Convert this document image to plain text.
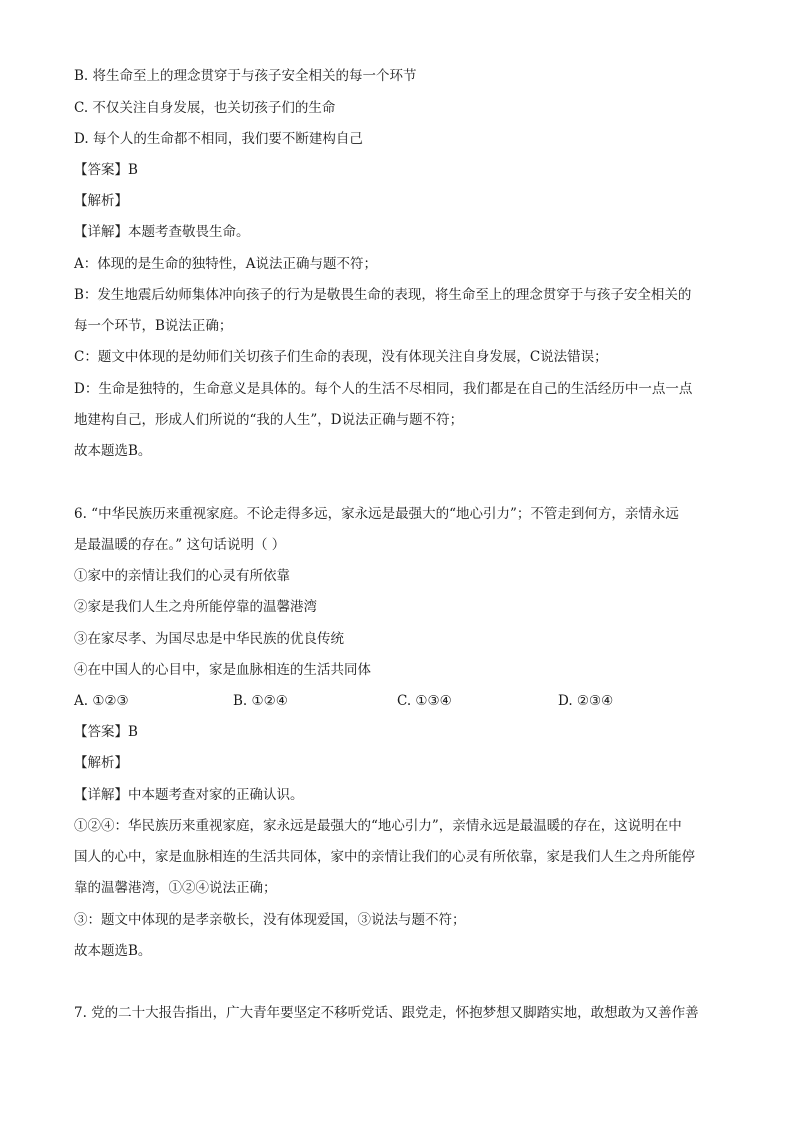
B. 将生命至上的理念贯穿于与孩子安全相关的每一个环节
C. 不仅关注自身发展，也关切孩子们的生命
D. 每个人的生命都不相同，我们要不断建构自己
【答案】B
【解析】
【详解】本题考查敬畏生命。
A：体现的是生命的独特性，A说法正确与题不符；
B：发生地震后幼师集体冲向孩子的行为是敬畏生命的表现，将生命至上的理念贯穿于与孩子安全相关的
每一个环节，B说法正确；
C：题文中体现的是幼师们关切孩子们生命的表现，没有体现关注自身发展，C说法错误；
D：生命是独特的，生命意义是具体的。每个人的生活不尽相同，我们都是在自己的生活经历中一点一点
地建构自己，形成人们所说的“我的人生”，D说法正确与题不符；
故本题选B。
6. “中华民族历来重视家庭。不论走得多远，家永远是最强大的“地心引力”；不管走到何方，亲情永远
是最温暖的存在。” 这句话说明（ ）
①家中的亲情让我们的心灵有所依靠
②家是我们人生之舟所能停靠的温馨港湾
③在家尽孝、为国尽忠是中华民族的优良传统
④在中国人的心目中，家是血脉相连的生活共同体
A. ①②③	B. ①②④	C. ①③④	D. ②③④
【答案】B
【解析】
【详解】中本题考查对家的正确认识。
①②④：华民族历来重视家庭，家永远是最强大的“地心引力”，亲情永远是最温暖的存在，这说明在中
国人的心中，家是血脉相连的生活共同体，家中的亲情让我们的心灵有所依靠，家是我们人生之舟所能停
靠的温馨港湾，①②④说法正确；
③：题文中体现的是孝亲敬长，没有体现爱国，③说法与题不符；
故本题选B。
7. 党的二十大报告指出，广大青年要坚定不移听党话、跟党走，怀抱梦想又脚踏实地，敢想敢为又善作善
